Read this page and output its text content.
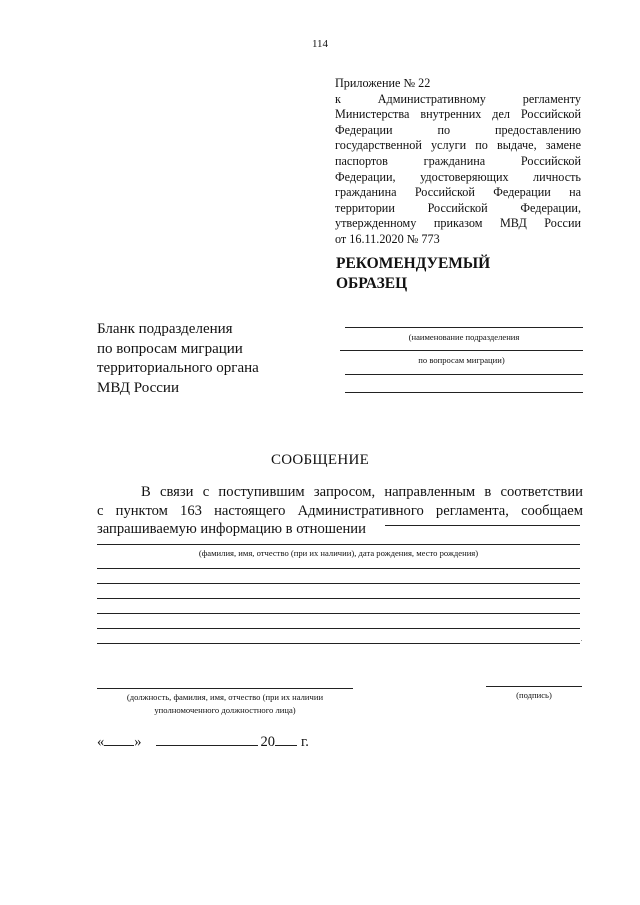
114
Приложение № 22
к Административному регламенту
Министерства внутренних дел Российской
Федерации по предоставлению
государственной услуги по выдаче, замене
паспортов гражданина Российской
Федерации, удостоверяющих личность
гражданина Российской Федерации на
территории Российской Федерации,
утвержденному приказом МВД России
от 16.11.2020 № 773
РЕКОМЕНДУЕМЫЙ
ОБРАЗЕЦ
Бланк подразделения
по вопросам миграции
территориального органа
МВД России
(наименование подразделения
по вопросам миграции)
СООБЩЕНИЕ
В связи с поступившим запросом, направленным в соответствии
с пунктом 163 настоящего Административного регламента, сообщаем
запрашиваемую информацию в отношении
(фамилия, имя, отчество (при их наличии), дата рождения, место рождения)
(должность, фамилия, имя, отчество (при их наличии
уполномоченного должностного лица)
(подпись)
« »	20 г.
